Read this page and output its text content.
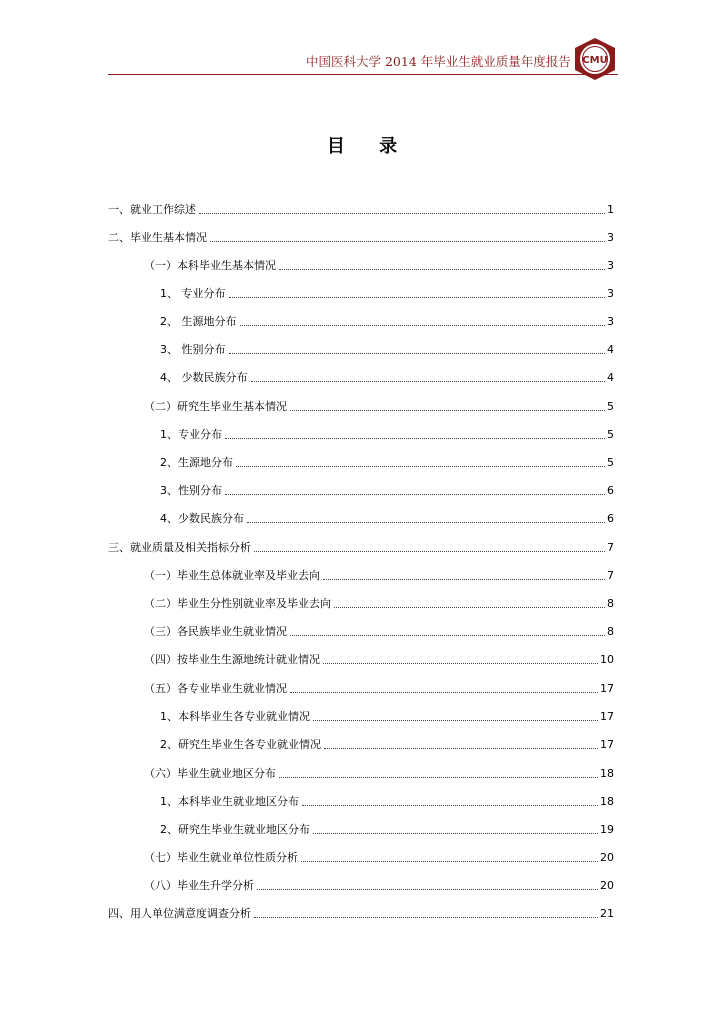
中国医科大学 2014 年毕业生就业质量年度报告 CMU
目 录
一、就业工作综述	1
二、毕业生基本情况	3
（一）本科毕业生基本情况	3
1、 专业分布	3
2、 生源地分布	3
3、 性别分布	4
4、 少数民族分布	4
（二）研究生毕业生基本情况	5
1、专业分布	5
2、生源地分布	5
3、性别分布	6
4、少数民族分布	6
三、就业质量及相关指标分析	7
（一）毕业生总体就业率及毕业去向	7
（二）毕业生分性别就业率及毕业去向	8
（三）各民族毕业生就业情况	8
（四）按毕业生生源地统计就业情况	10
（五）各专业毕业生就业情况	17
1、本科毕业生各专业就业情况	17
2、研究生毕业生各专业就业情况	17
（六）毕业生就业地区分布	18
1、本科毕业生就业地区分布	18
2、研究生毕业生就业地区分布	19
（七）毕业生就业单位性质分析	20
（八）毕业生升学分析	20
四、用人单位满意度调查分析	21
